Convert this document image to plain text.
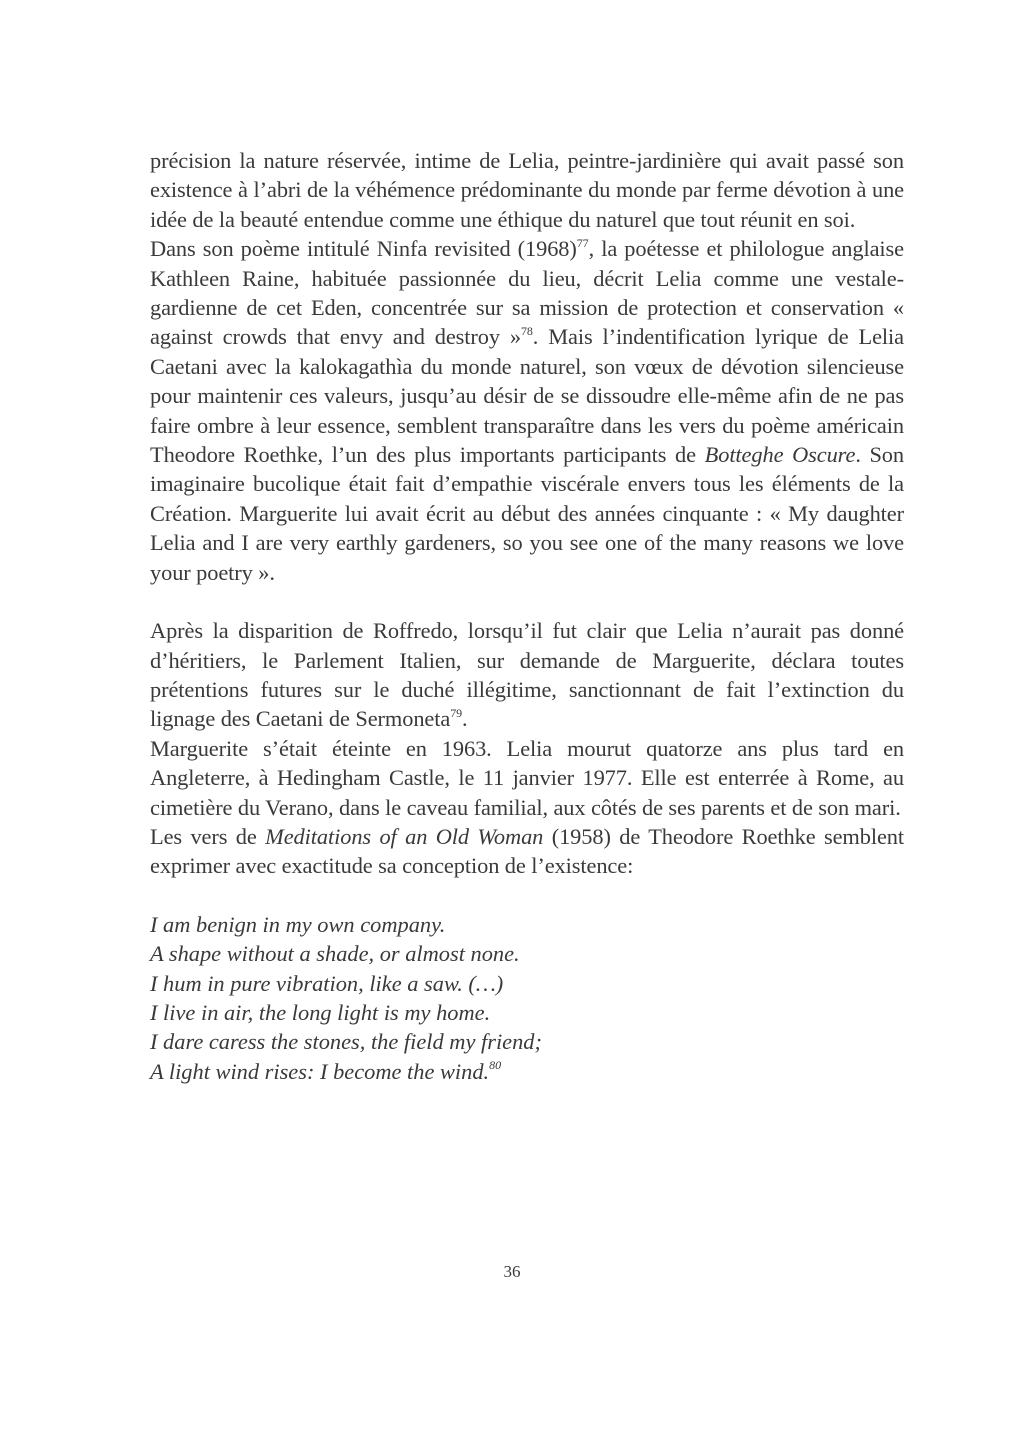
précision la nature réservée, intime de Lelia, peintre-jardinière qui avait passé son existence à l’abri de la véhémence prédominante du monde par ferme dévotion à une idée de la beauté entendue comme une éthique du naturel que tout réunit en soi.

Dans son poème intitulé Ninfa revisited $(1968)^{77}$, la poétesse et philologue anglaise Kathleen Raine, habituée passionnée du lieu, décrit Lelia comme une vestale-gardienne de cet Eden, concentrée sur sa mission de protection et conservation « against crowds that envy and destroy »$^{78}$. Mais l’indentification lyrique de Lelia Caetani avec la kalokagathìa du monde naturel, son vœux de dévotion silencieuse pour maintenir ces valeurs, jusqu’au désir de se dissoudre elle-même afin de ne pas faire ombre à leur essence, semblent transparaître dans les vers du poème américain Theodore Roethke, l’un des plus importants participants de Botteghe Oscure. Son imaginaire bucolique était fait d’empathie viscérale envers tous les éléments de la Création. Marguerite lui avait écrit au début des années cinquante : « My daughter Lelia and I are very earthly gardeners, so you see one of the many reasons we love your poetry ».

Après la disparition de Roffredo, lorsqu’il fut clair que Lelia n’aurait pas donné d’héritiers, le Parlement Italien, sur demande de Marguerite, déclara toutes prétentions futures sur le duché illégitime, sanctionnant de fait l’extinction du lignage des Caetani de Sermoneta$^{79}$.

Marguerite s’était éteinte en 1963. Lelia mourut quatorze ans plus tard en Angleterre, à Hedingham Castle, le 11 janvier 1977. Elle est enterrée à Rome, au cimetière du Verano, dans le caveau familial, aux côtés de ses parents et de son mari.

Les vers de Meditations of an Old Woman (1958) de Theodore Roethke semblent exprimer avec exactitude sa conception de l’existence:

I am benign in my own company.
A shape without a shade, or almost none.
I hum in pure vibration, like a saw. (…)
I live in air, the long light is my home.
I dare caress the stones, the field my friend;
A light wind rises: I become the wind.$^{80}$
36
